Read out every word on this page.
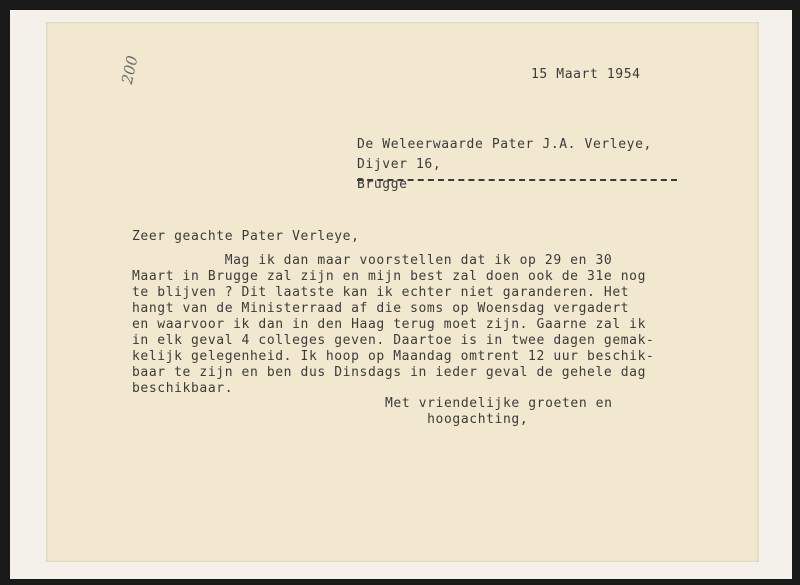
200	15 Maart 1954
De Weleerwaarde Pater J.A. Verleye,
Dijver 16,
Brugge
Zeer geachte Pater Verleye,
Mag ik dan maar voorstellen dat ik op 29 en 30
Maart in Brugge zal zijn en mijn best zal doen ook de 31e nog
te blijven ? Dit laatste kan ik echter niet garanderen. Het
hangt van de Ministerraad af die soms op Woensdag vergadert
en waarvoor ik dan in den Haag terug moet zijn. Gaarne zal ik
in elk geval 4 colleges geven. Daartoe is in twee dagen gemak-
kelijk gelegenheid. Ik hoop op Maandag omtrent 12 uur beschik-
baar te zijn en ben dus Dinsdags in ieder geval de gehele dag
beschikbaar.
Met vriendelijke groeten en
hoogachting,
